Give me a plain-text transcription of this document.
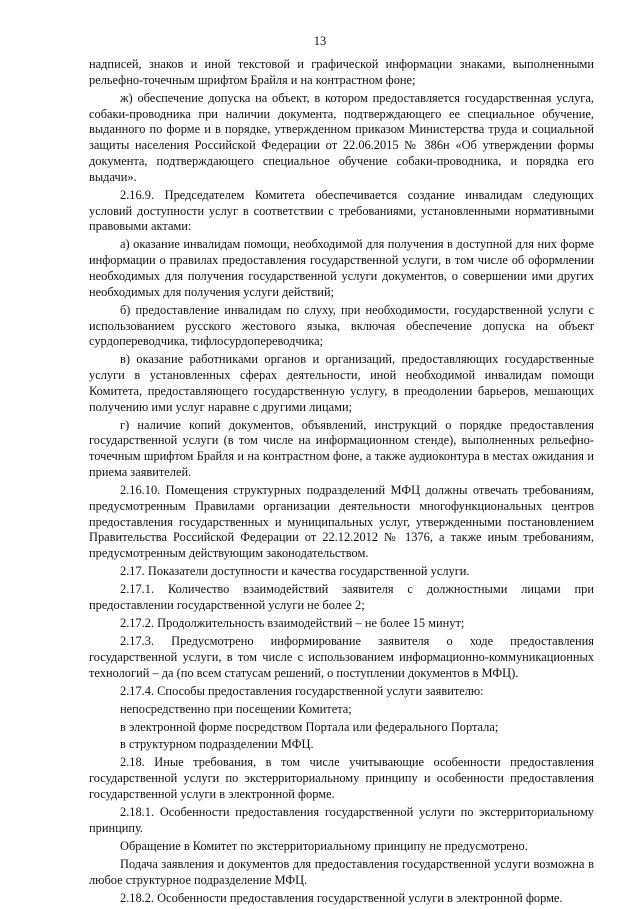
13

надписей, знаков и иной текстовой и графической информации знаками, выполненными рельефно-точечным шрифтом Брайля и на контрастном фоне;

ж) обеспечение допуска на объект, в котором предоставляется государственная услуга, собаки-проводника при наличии документа, подтверждающего ее специальное обучение, выданного по форме и в порядке, утвержденном приказом Министерства труда и социальной защиты населения Российской Федерации от 22.06.2015 № 386н «Об утверждении формы документа, подтверждающего специальное обучение собаки-проводника, и порядка его выдачи».

2.16.9. Председателем Комитета обеспечивается создание инвалидам следующих условий доступности услуг в соответствии с требованиями, установленными нормативными правовыми актами:

а) оказание инвалидам помощи, необходимой для получения в доступной для них форме информации о правилах предоставления государственной услуги, в том числе об оформлении необходимых для получения государственной услуги документов, о совершении ими других необходимых для получения услуги действий;

б) предоставление инвалидам по слуху, при необходимости, государственной услуги с использованием русского жестового языка, включая обеспечение допуска на объект сурдопереводчика, тифлосурдопереводчика;

в) оказание работниками органов и организаций, предоставляющих государственные услуги в установленных сферах деятельности, иной необходимой инвалидам помощи Комитета, предоставляющего государственную услугу, в преодолении барьеров, мешающих получению ими услуг наравне с другими лицами;

г) наличие копий документов, объявлений, инструкций о порядке предоставления государственной услуги (в том числе на информационном стенде), выполненных рельефно-точечным шрифтом Брайля и на контрастном фоне, а также аудиоконтура в местах ожидания и приема заявителей.

2.16.10. Помещения структурных подразделений МФЦ должны отвечать требованиям, предусмотренным Правилами организации деятельности многофункциональных центров предоставления государственных и муниципальных услуг, утвержденными постановлением Правительства Российской Федерации от 22.12.2012 № 1376, а также иным требованиям, предусмотренным действующим законодательством.

2.17. Показатели доступности и качества государственной услуги.

2.17.1. Количество взаимодействий заявителя с должностными лицами при предоставлении государственной услуги не более 2;

2.17.2. Продолжительность взаимодействий – не более 15 минут;

2.17.3. Предусмотрено информирование заявителя о ходе предоставления государственной услуги, в том числе с использованием информационно-коммуникационных технологий – да (по всем статусам решений, о поступлении документов в МФЦ).

2.17.4. Способы предоставления государственной услуги заявителю:

непосредственно при посещении Комитета;

в электронной форме посредством Портала или федерального Портала;

в структурном подразделении МФЦ.

2.18. Иные требования, в том числе учитывающие особенности предоставления государственной услуги по экстерриториальному принципу и особенности предоставления государственной услуги в электронной форме.

2.18.1. Особенности предоставления государственной услуги по экстерриториальному принципу.

Обращение в Комитет по экстерриториальному принципу не предусмотрено.

Подача заявления и документов для предоставления государственной услуги возможна в любое структурное подразделение МФЦ.

2.18.2. Особенности предоставления государственной услуги в электронной форме.
